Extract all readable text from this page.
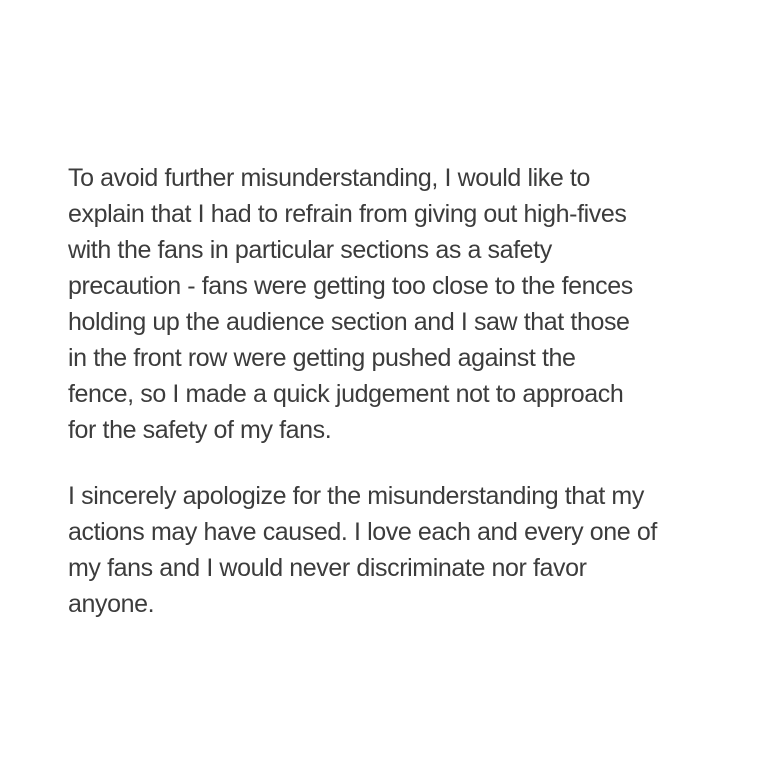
To avoid further misunderstanding, I would like to
explain that I had to refrain from giving out high-fives
with the fans in particular sections as a safety
precaution - fans were getting too close to the fences
holding up the audience section and I saw that those
in the front row were getting pushed against the
fence, so I made a quick judgement not to approach
for the safety of my fans.
I sincerely apologize for the misunderstanding that my
actions may have caused. I love each and every one of
my fans and I would never discriminate nor favor
anyone.
